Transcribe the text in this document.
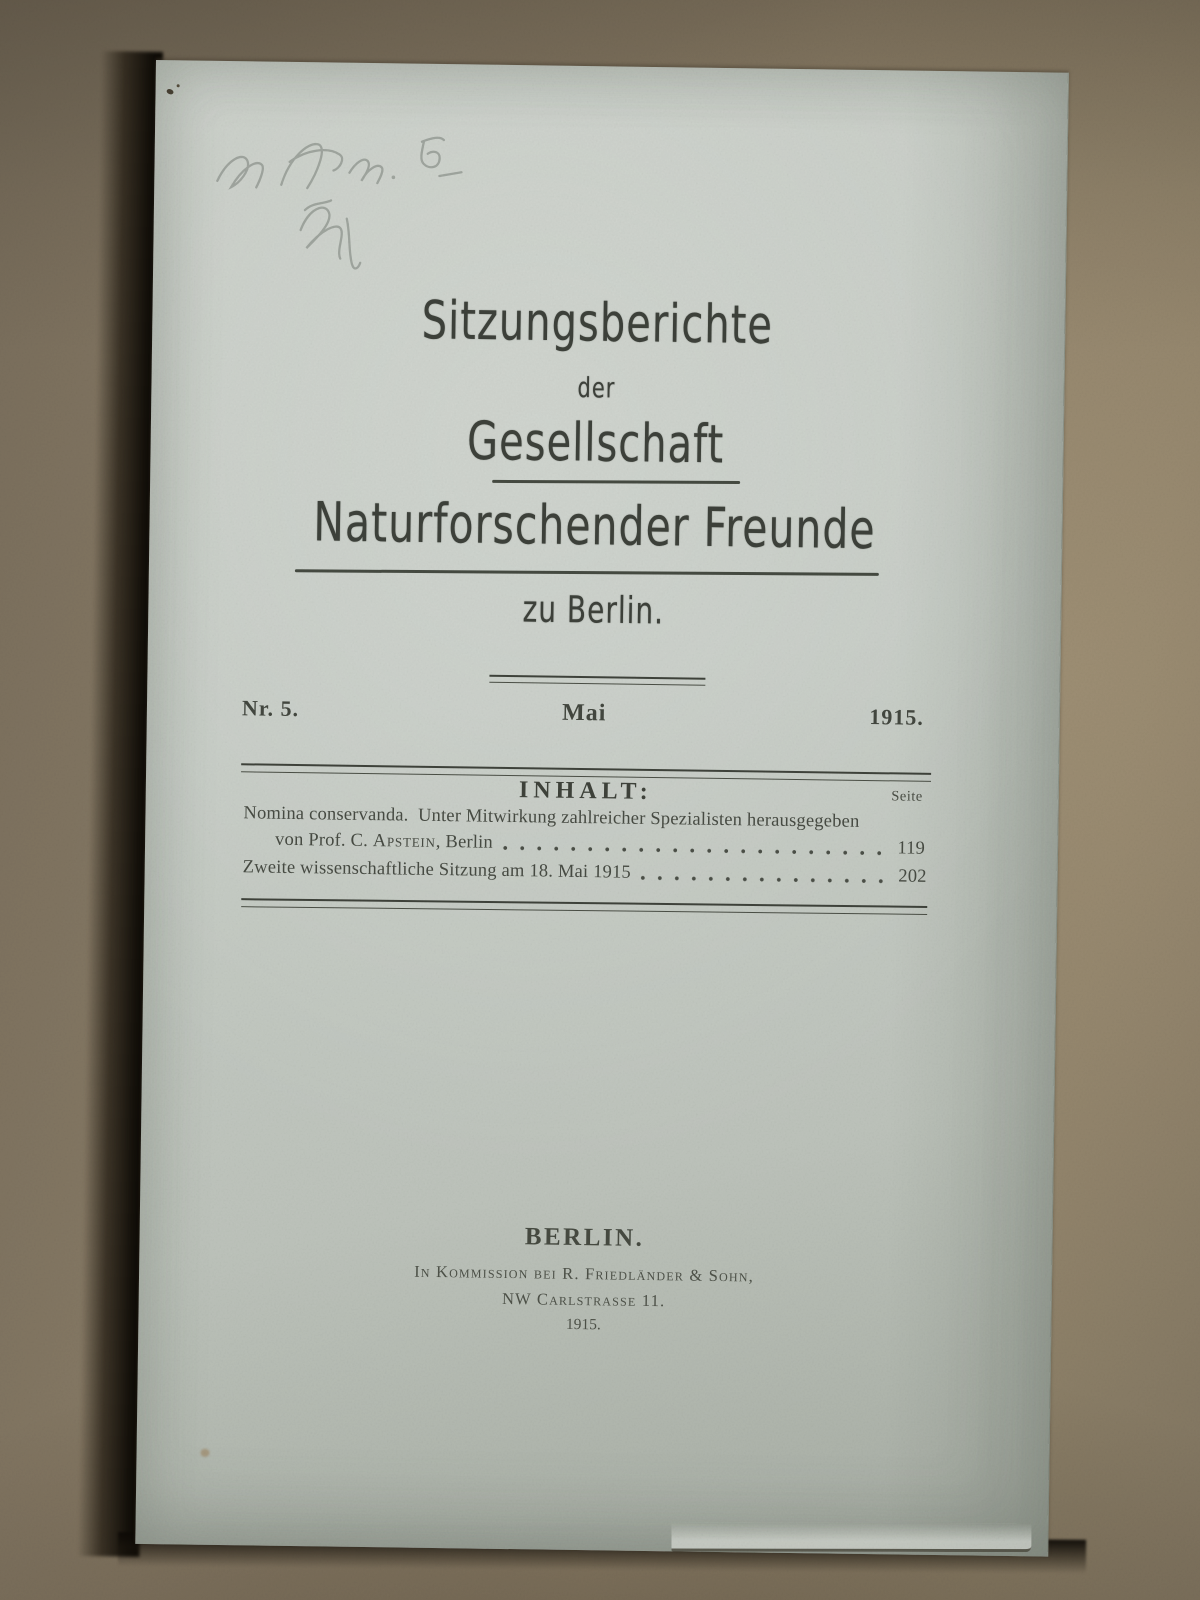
Sitzungsberichte
der
Gesellschaft
Naturforschender Freunde
zu Berlin.
Nr. 5.	Mai	1915.
INHALT:	Seite
Nomina conservanda. Unter Mitwirkung zahlreicher Spezialisten herausgegeben
von Prof. C. Apstein , Berlin	119
Zweite wissenschaftliche Sitzung am 18. Mai 1915	202
BERLIN.
In Kommission bei R. Friedländer & Sohn,
NW Carlstrasse 11.
1915.
